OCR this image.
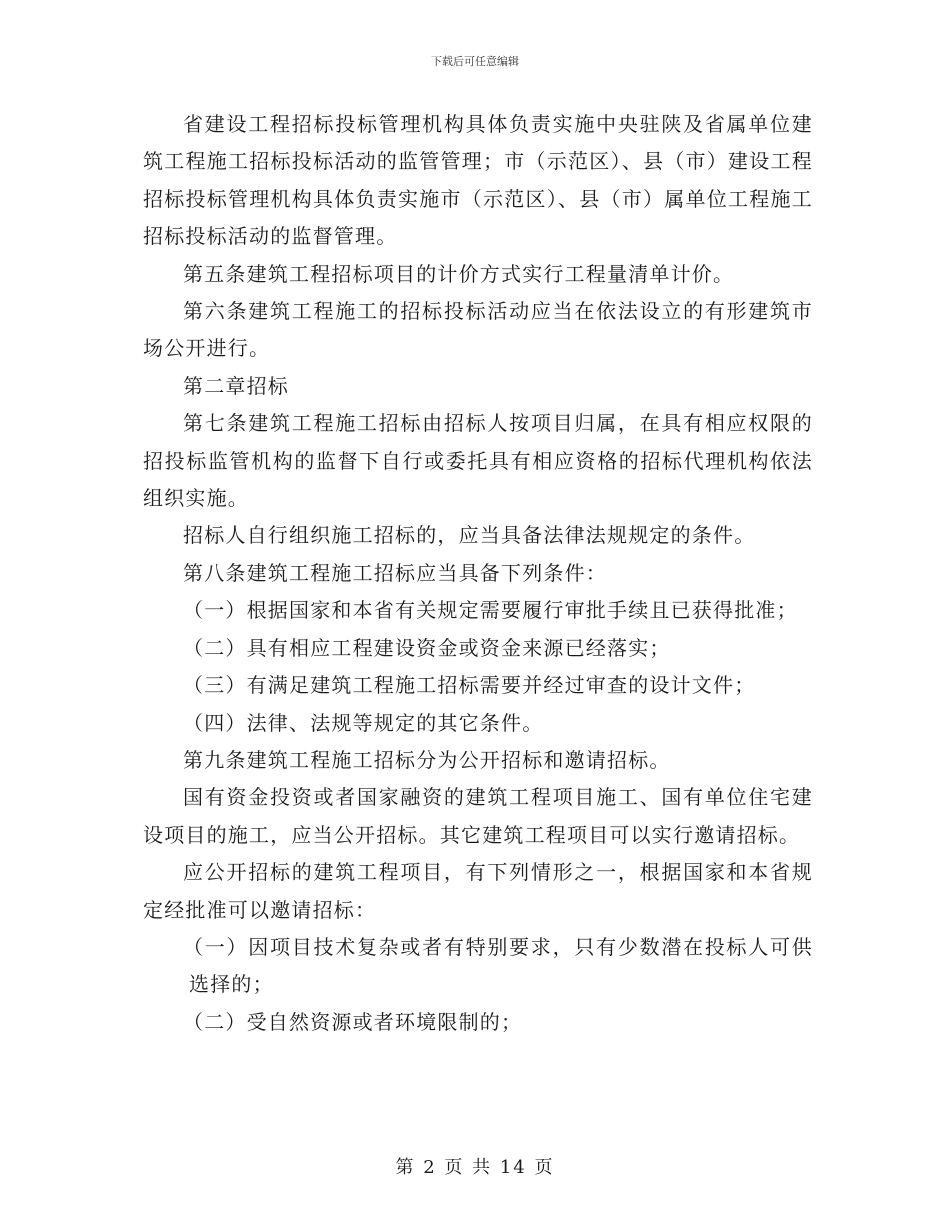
下载后可任意编辑

省建设工程招标投标管理机构具体负责实施中央驻陕及省属单位建筑工程施工招标投标活动的监管管理；市（示范区）、县（市）建设工程招标投标管理机构具体负责实施市（示范区）、县（市）属单位工程施工招标投标活动的监督管理。

第五条建筑工程招标项目的计价方式实行工程量清单计价。

第六条建筑工程施工的招标投标活动应当在依法设立的有形建筑市场公开进行。

第二章招标

第七条建筑工程施工招标由招标人按项目归属，在具有相应权限的招投标监管机构的监督下自行或委托具有相应资格的招标代理机构依法组织实施。

招标人自行组织施工招标的，应当具备法律法规规定的条件。

第八条建筑工程施工招标应当具备下列条件：

（一）根据国家和本省有关规定需要履行审批手续且已获得批准；

（二）具有相应工程建设资金或资金来源已经落实；

（三）有满足建筑工程施工招标需要并经过审查的设计文件；

（四）法律、法规等规定的其它条件。

第九条建筑工程施工招标分为公开招标和邀请招标。

国有资金投资或者国家融资的建筑工程项目施工、国有单位住宅建设项目的施工，应当公开招标。其它建筑工程项目可以实行邀请招标。

应公开招标的建筑工程项目，有下列情形之一，根据国家和本省规定经批准可以邀请招标：

（一）因项目技术复杂或者有特别要求，只有少数潜在投标人可供选择的；

（二）受自然资源或者环境限制的；

第 2 页 共 14 页
